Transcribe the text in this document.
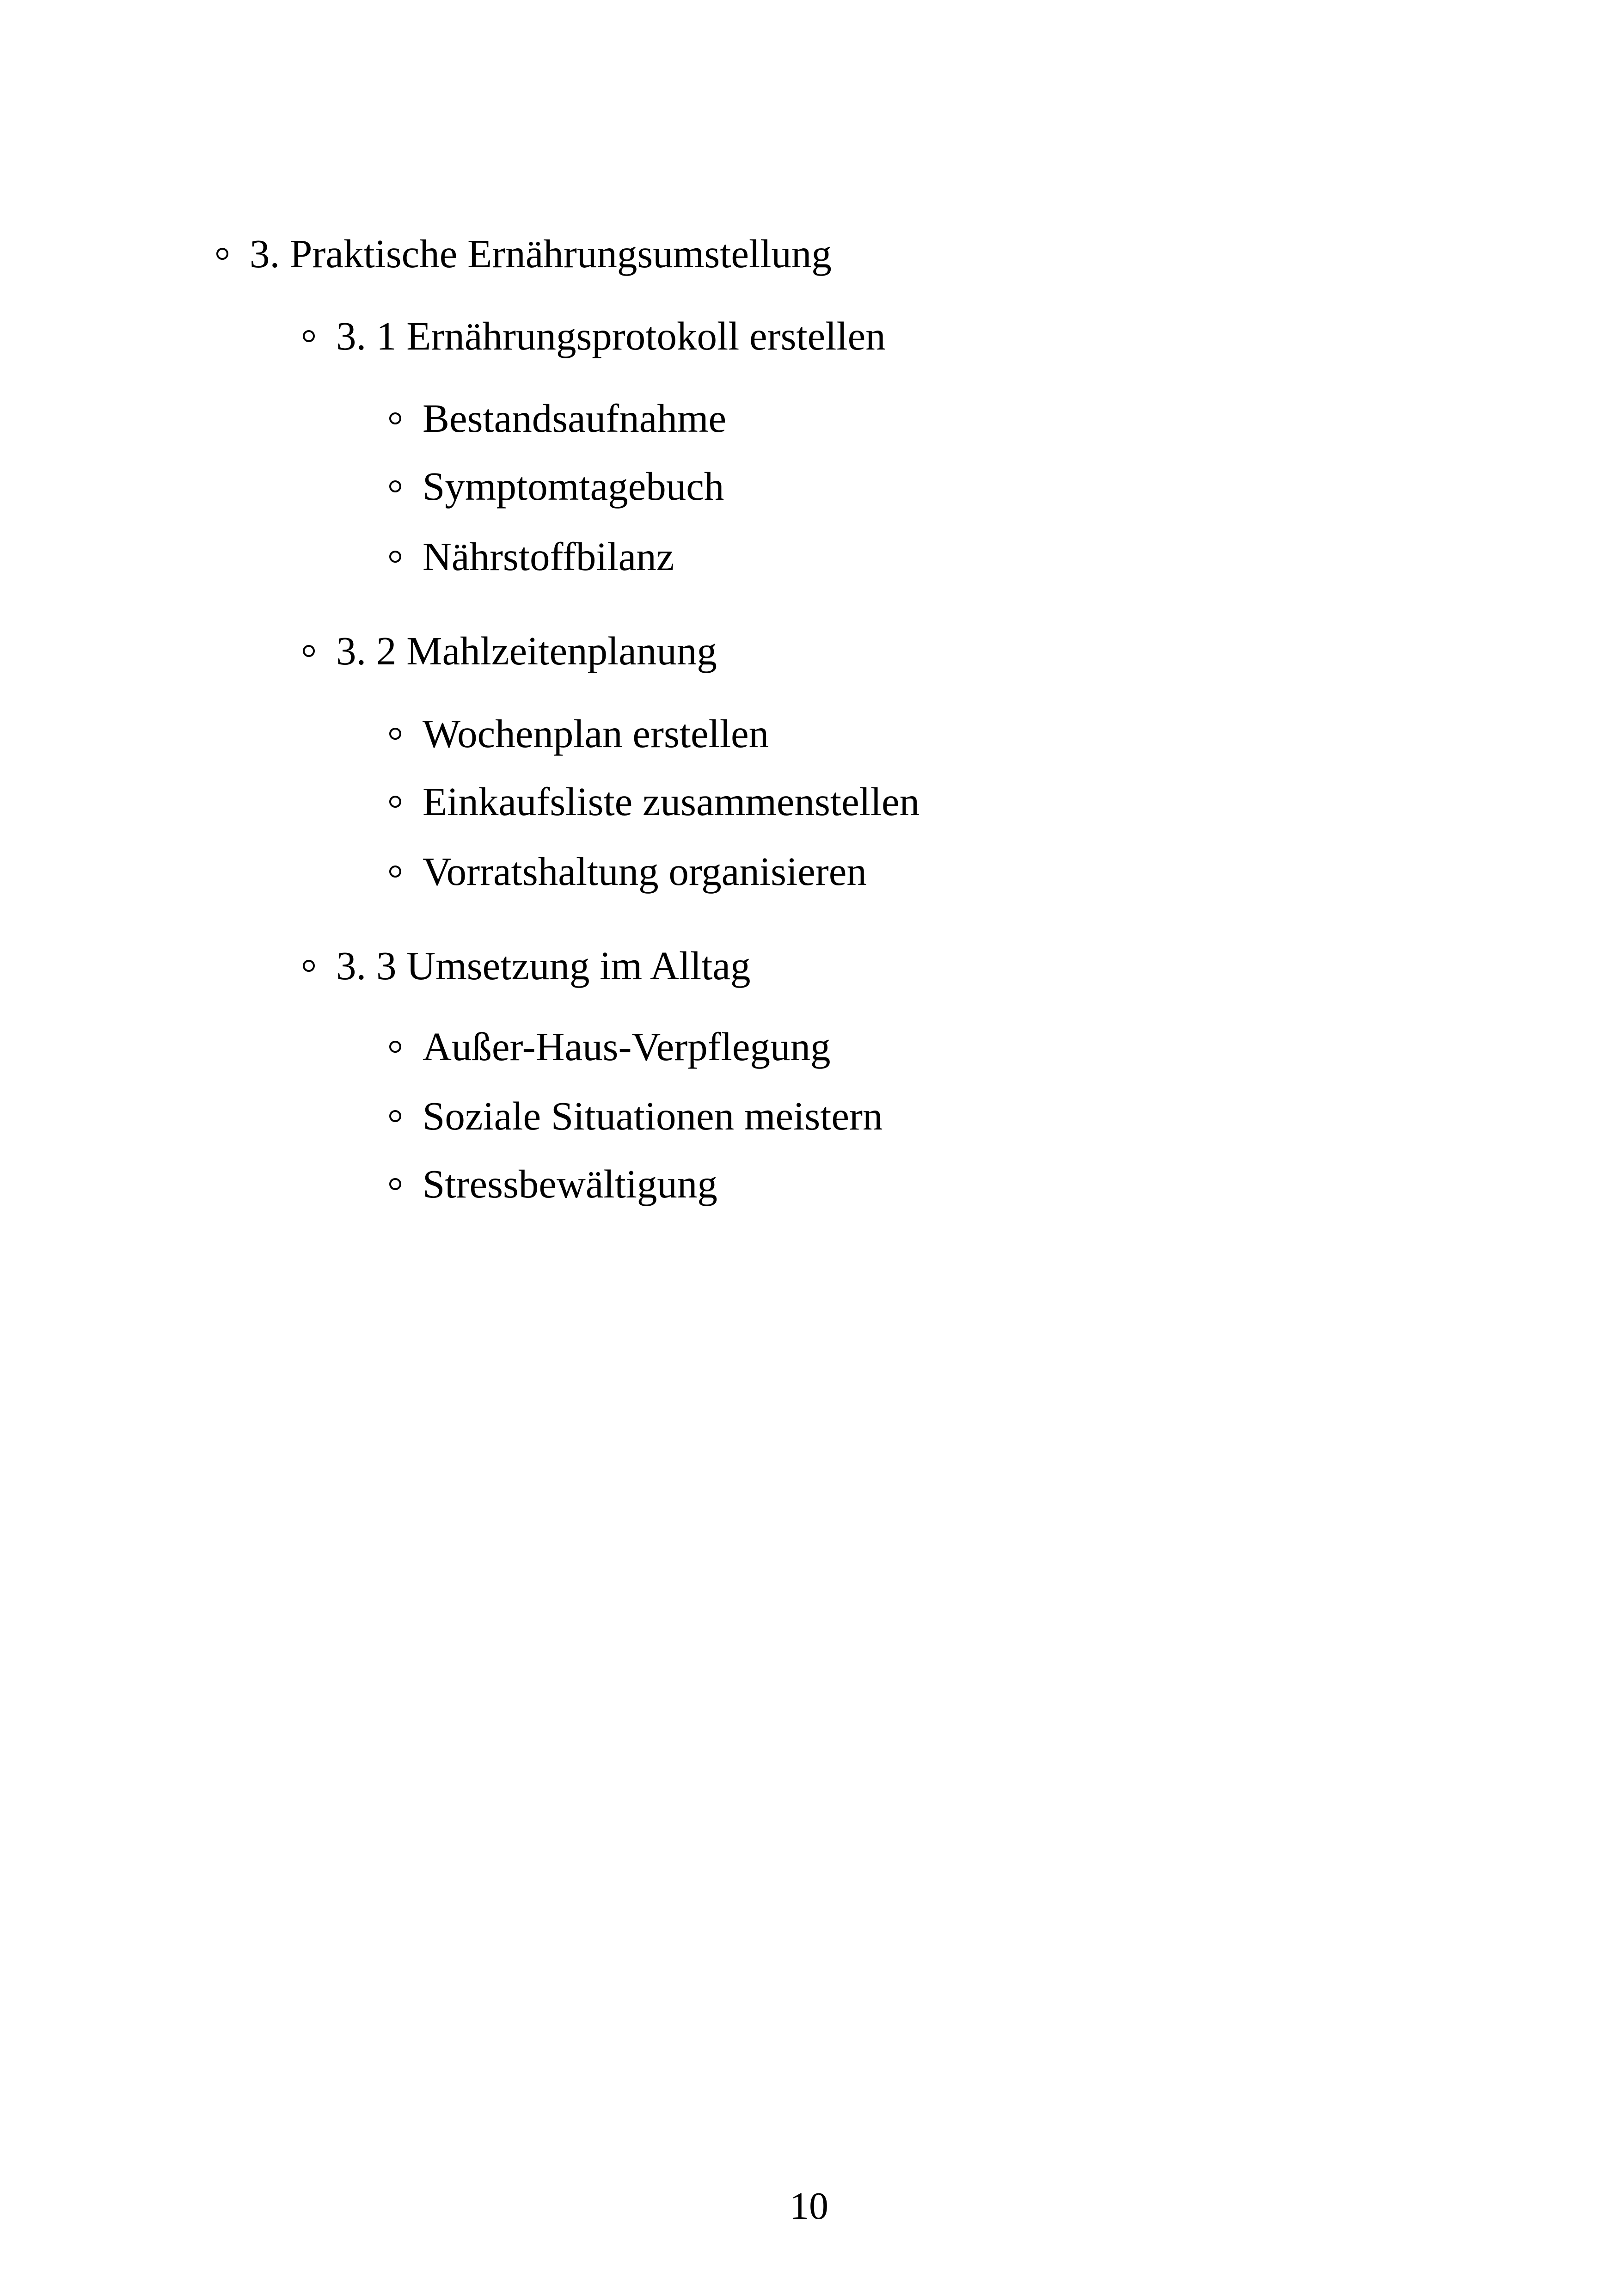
3. Praktische Ernährungsumstellung
3. 1 Ernährungsprotokoll erstellen
Bestandsaufnahme
Symptomtagebuch
Nährstoffbilanz
3. 2 Mahlzeitenplanung
Wochenplan erstellen
Einkaufsliste zusammenstellen
Vorratshaltung organisieren
3. 3 Umsetzung im Alltag
Außer-Haus-Verpflegung
Soziale Situationen meistern
Stressbewältigung
10
